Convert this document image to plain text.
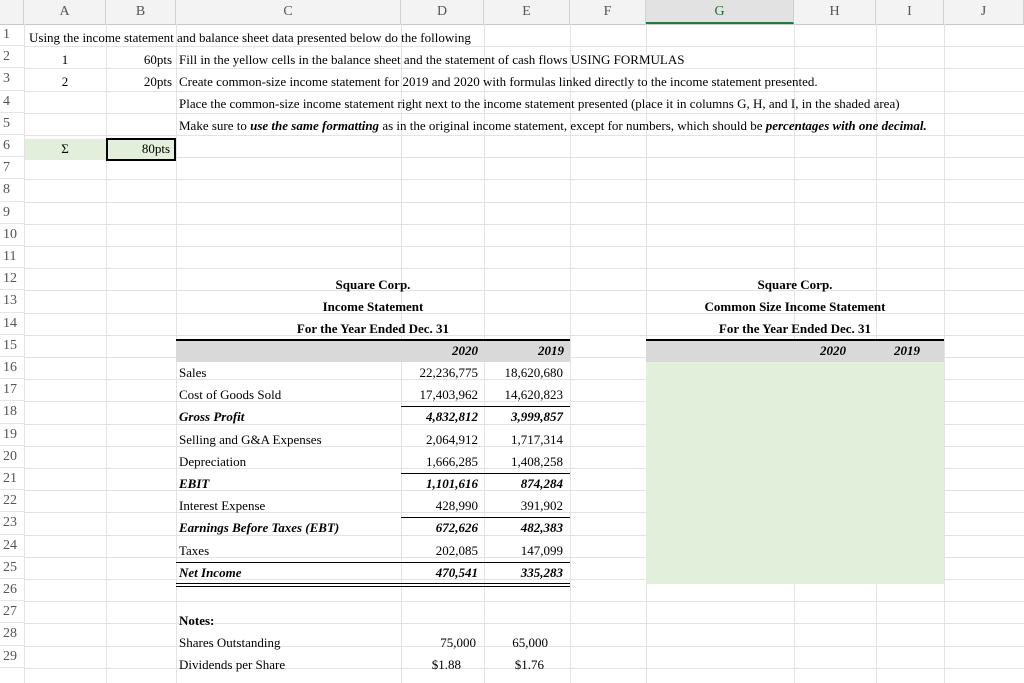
A	B	C	D	E	F	G	H	I	J
1
2
3
4
5
6
7
8
9
10
11
12
13
14
15
16
17
18
19
20
21
22
23
24
25
26
27
28
29
Using the income statement and balance sheet data presented below do the following
1	60pts Fill in the yellow cells in the balance sheet and the statement of cash flows USING FORMULAS
2	20pts Create common-size income statement for 2019 and 2020 with formulas linked directly to the income statement presented.
Place the common-size income statement right next to the income statement presented (place it in columns G, H, and I, in the shaded area)
Make sure to use the same formatting as in the original income statement, except for numbers, which should be percentages with one decimal.
Σ	80pts
Square Corp.
Income Statement
For the Year Ended Dec. 31
2020	2019
Square Corp.
Common Size Income Statement
For the Year Ended Dec. 31
2020	2019
Sales	22,236,775	18,620,680
Cost of Goods Sold	17,403,962	14,620,823
Gross Profit	4,832,812	3,999,857
Selling and G&A Expenses	2,064,912	1,717,314
Depreciation	1,666,285	1,408,258
EBIT	1,101,616	874,284
Interest Expense	428,990	391,902
Earnings Before Taxes (EBT)	672,626	482,383
Taxes	202,085	147,099
Net Income	470,541	335,283
Notes:
Shares Outstanding	75,000	65,000
Dividends per Share	$1.88	$1.76
